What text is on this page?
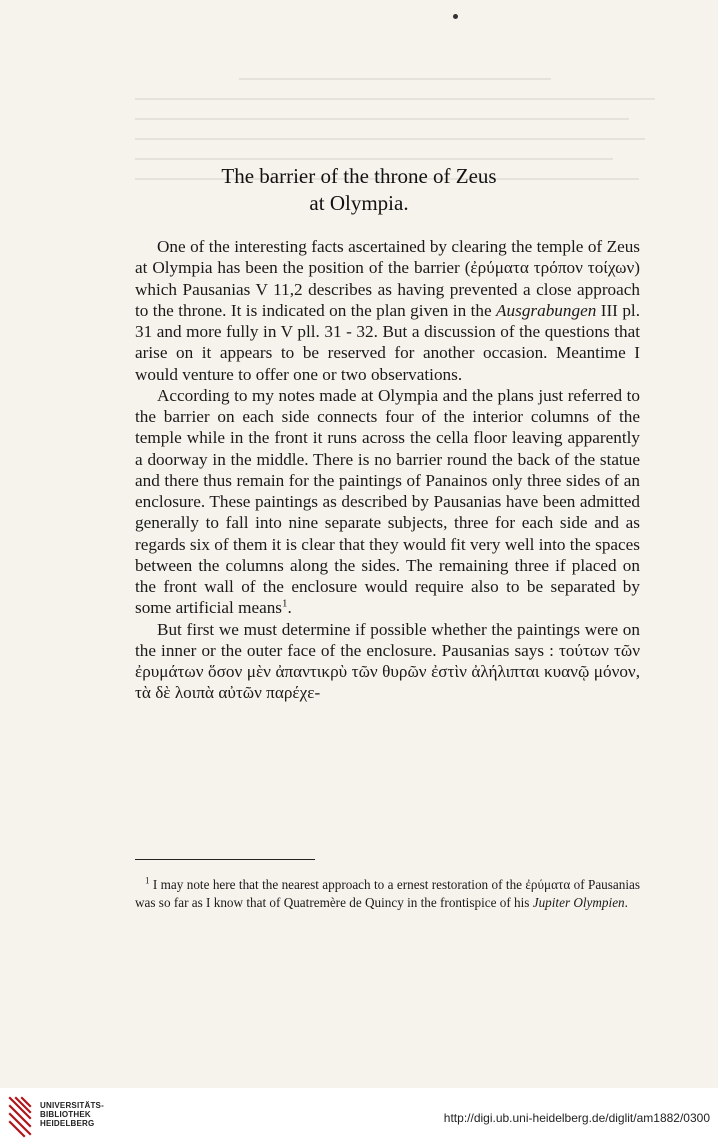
The barrier of the throne of Zeus
at Olympia.

One of the interesting facts ascertained by clearing the temple of Zeus at Olympia has been the position of the barrier (ἐρύματα τρόπον τοίχων) which Pausanias V 11,2 describes as having prevented a close approach to the throne. It is indicated on the plan given in the Ausgrabungen III pl. 31 and more fully in V pll. 31 - 32. But a discussion of the questions that arise on it appears to be reserved for another occasion. Meantime I would venture to offer one or two observations.

According to my notes made at Olympia and the plans just referred to the barrier on each side connects four of the interior columns of the temple while in the front it runs across the cella floor leaving apparently a doorway in the middle. There is no barrier round the back of the statue and there thus remain for the paintings of Panainos only three sides of an enclosure. These paintings as described by Pausanias have been admitted generally to fall into nine separate subjects, three for each side and as regards six of them it is clear that they would fit very well into the spaces between the columns along the sides. The remaining three if placed on the front wall of the enclosure would require also to be separated by some artificial means$^1$.

But first we must determine if possible whether the paintings were on the inner or the outer face of the enclosure. Pausanias says : τούτων τῶν ἐρυμάτων ὅσον μὲν ἀπαντικρὺ τῶν θυρῶν ἐστὶν ἀλήλιπται κυανῷ μόνον, τὰ δὲ λοιπὰ αὐτῶν παρέχε-

$^1$ I may note here that the nearest approach to a ernest restoration of the ἐρύματα of Pausanias was so far as I know that of Quatremère de Quincy in the frontispice of his Jupiter Olympien.
UNIVERSITÄTS-
BIBLIOTHEK
HEIDELBERG	http://digi.ub.uni-heidelberg.de/diglit/am1882/0300
